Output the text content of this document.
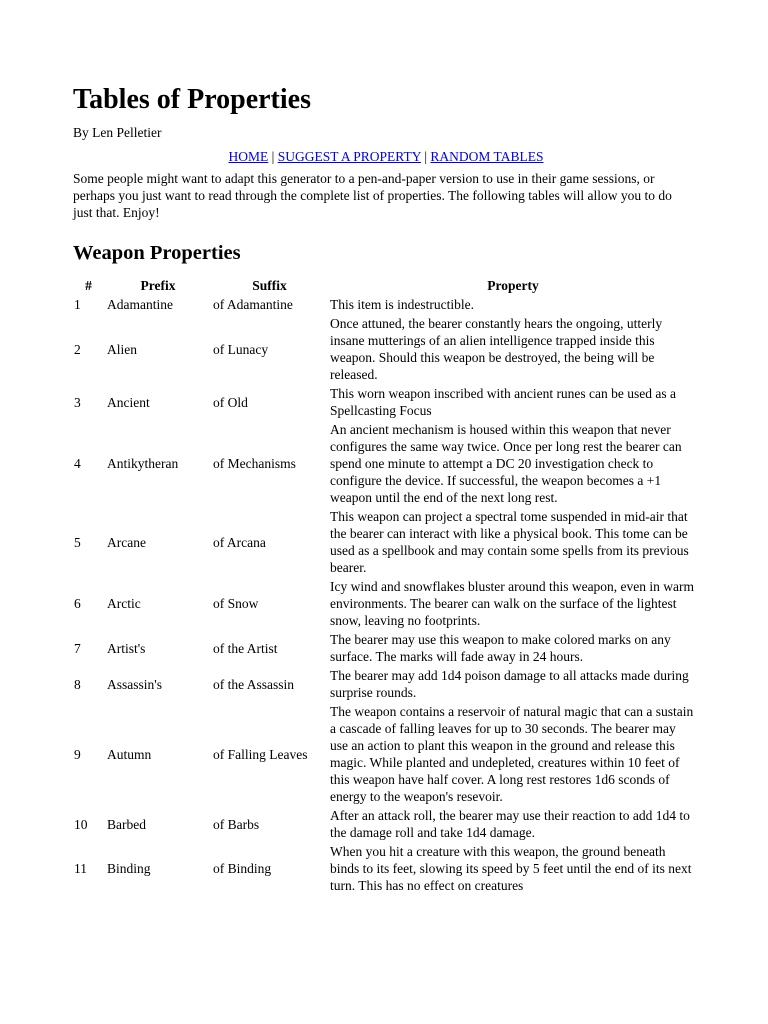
Tables of Properties
By Len Pelletier
HOME | SUGGEST A PROPERTY | RANDOM TABLES

Some people might want to adapt this generator to a pen-and-paper version to use in their game sessions, or perhaps you just want to read through the complete list of properties. The following tables will allow you to do just that. Enjoy!

Weapon Properties
#	Prefix	Suffix	Property
1	Adamantine	of Adamantine	This item is indestructible.
2	Alien	of Lunacy	Once attuned, the bearer constantly hears the ongoing, utterly insane mutterings of an alien intelligence trapped inside this weapon. Should this weapon be destroyed, the being will be released.
3	Ancient	of Old	This worn weapon inscribed with ancient runes can be used as a Spellcasting Focus
4	Antikytheran	of Mechanisms	An ancient mechanism is housed within this weapon that never configures the same way twice. Once per long rest the bearer can spend one minute to attempt a DC 20 investigation check to configure the device. If successful, the weapon becomes a +1 weapon until the end of the next long rest.
5	Arcane	of Arcana	This weapon can project a spectral tome suspended in mid-air that the bearer can interact with like a physical book. This tome can be used as a spellbook and may contain some spells from its previous bearer.
6	Arctic	of Snow	Icy wind and snowflakes bluster around this weapon, even in warm environments. The bearer can walk on the surface of the lightest snow, leaving no footprints.
7	Artist's	of the Artist	The bearer may use this weapon to make colored marks on any surface. The marks will fade away in 24 hours.
8	Assassin's	of the Assassin	The bearer may add 1d4 poison damage to all attacks made during surprise rounds.
9	Autumn	of Falling Leaves	The weapon contains a reservoir of natural magic that can a sustain a cascade of falling leaves for up to 30 seconds. The bearer may use an action to plant this weapon in the ground and release this magic. While planted and undepleted, creatures within 10 feet of this weapon have half cover. A long rest restores 1d6 sconds of energy to the weapon's resevoir.
10	Barbed	of Barbs	After an attack roll, the bearer may use their reaction to add 1d4 to the damage roll and take 1d4 damage.
11	Binding	of Binding	When you hit a creature with this weapon, the ground beneath binds to its feet, slowing its speed by 5 feet until the end of its next turn. This has no effect on creatures
